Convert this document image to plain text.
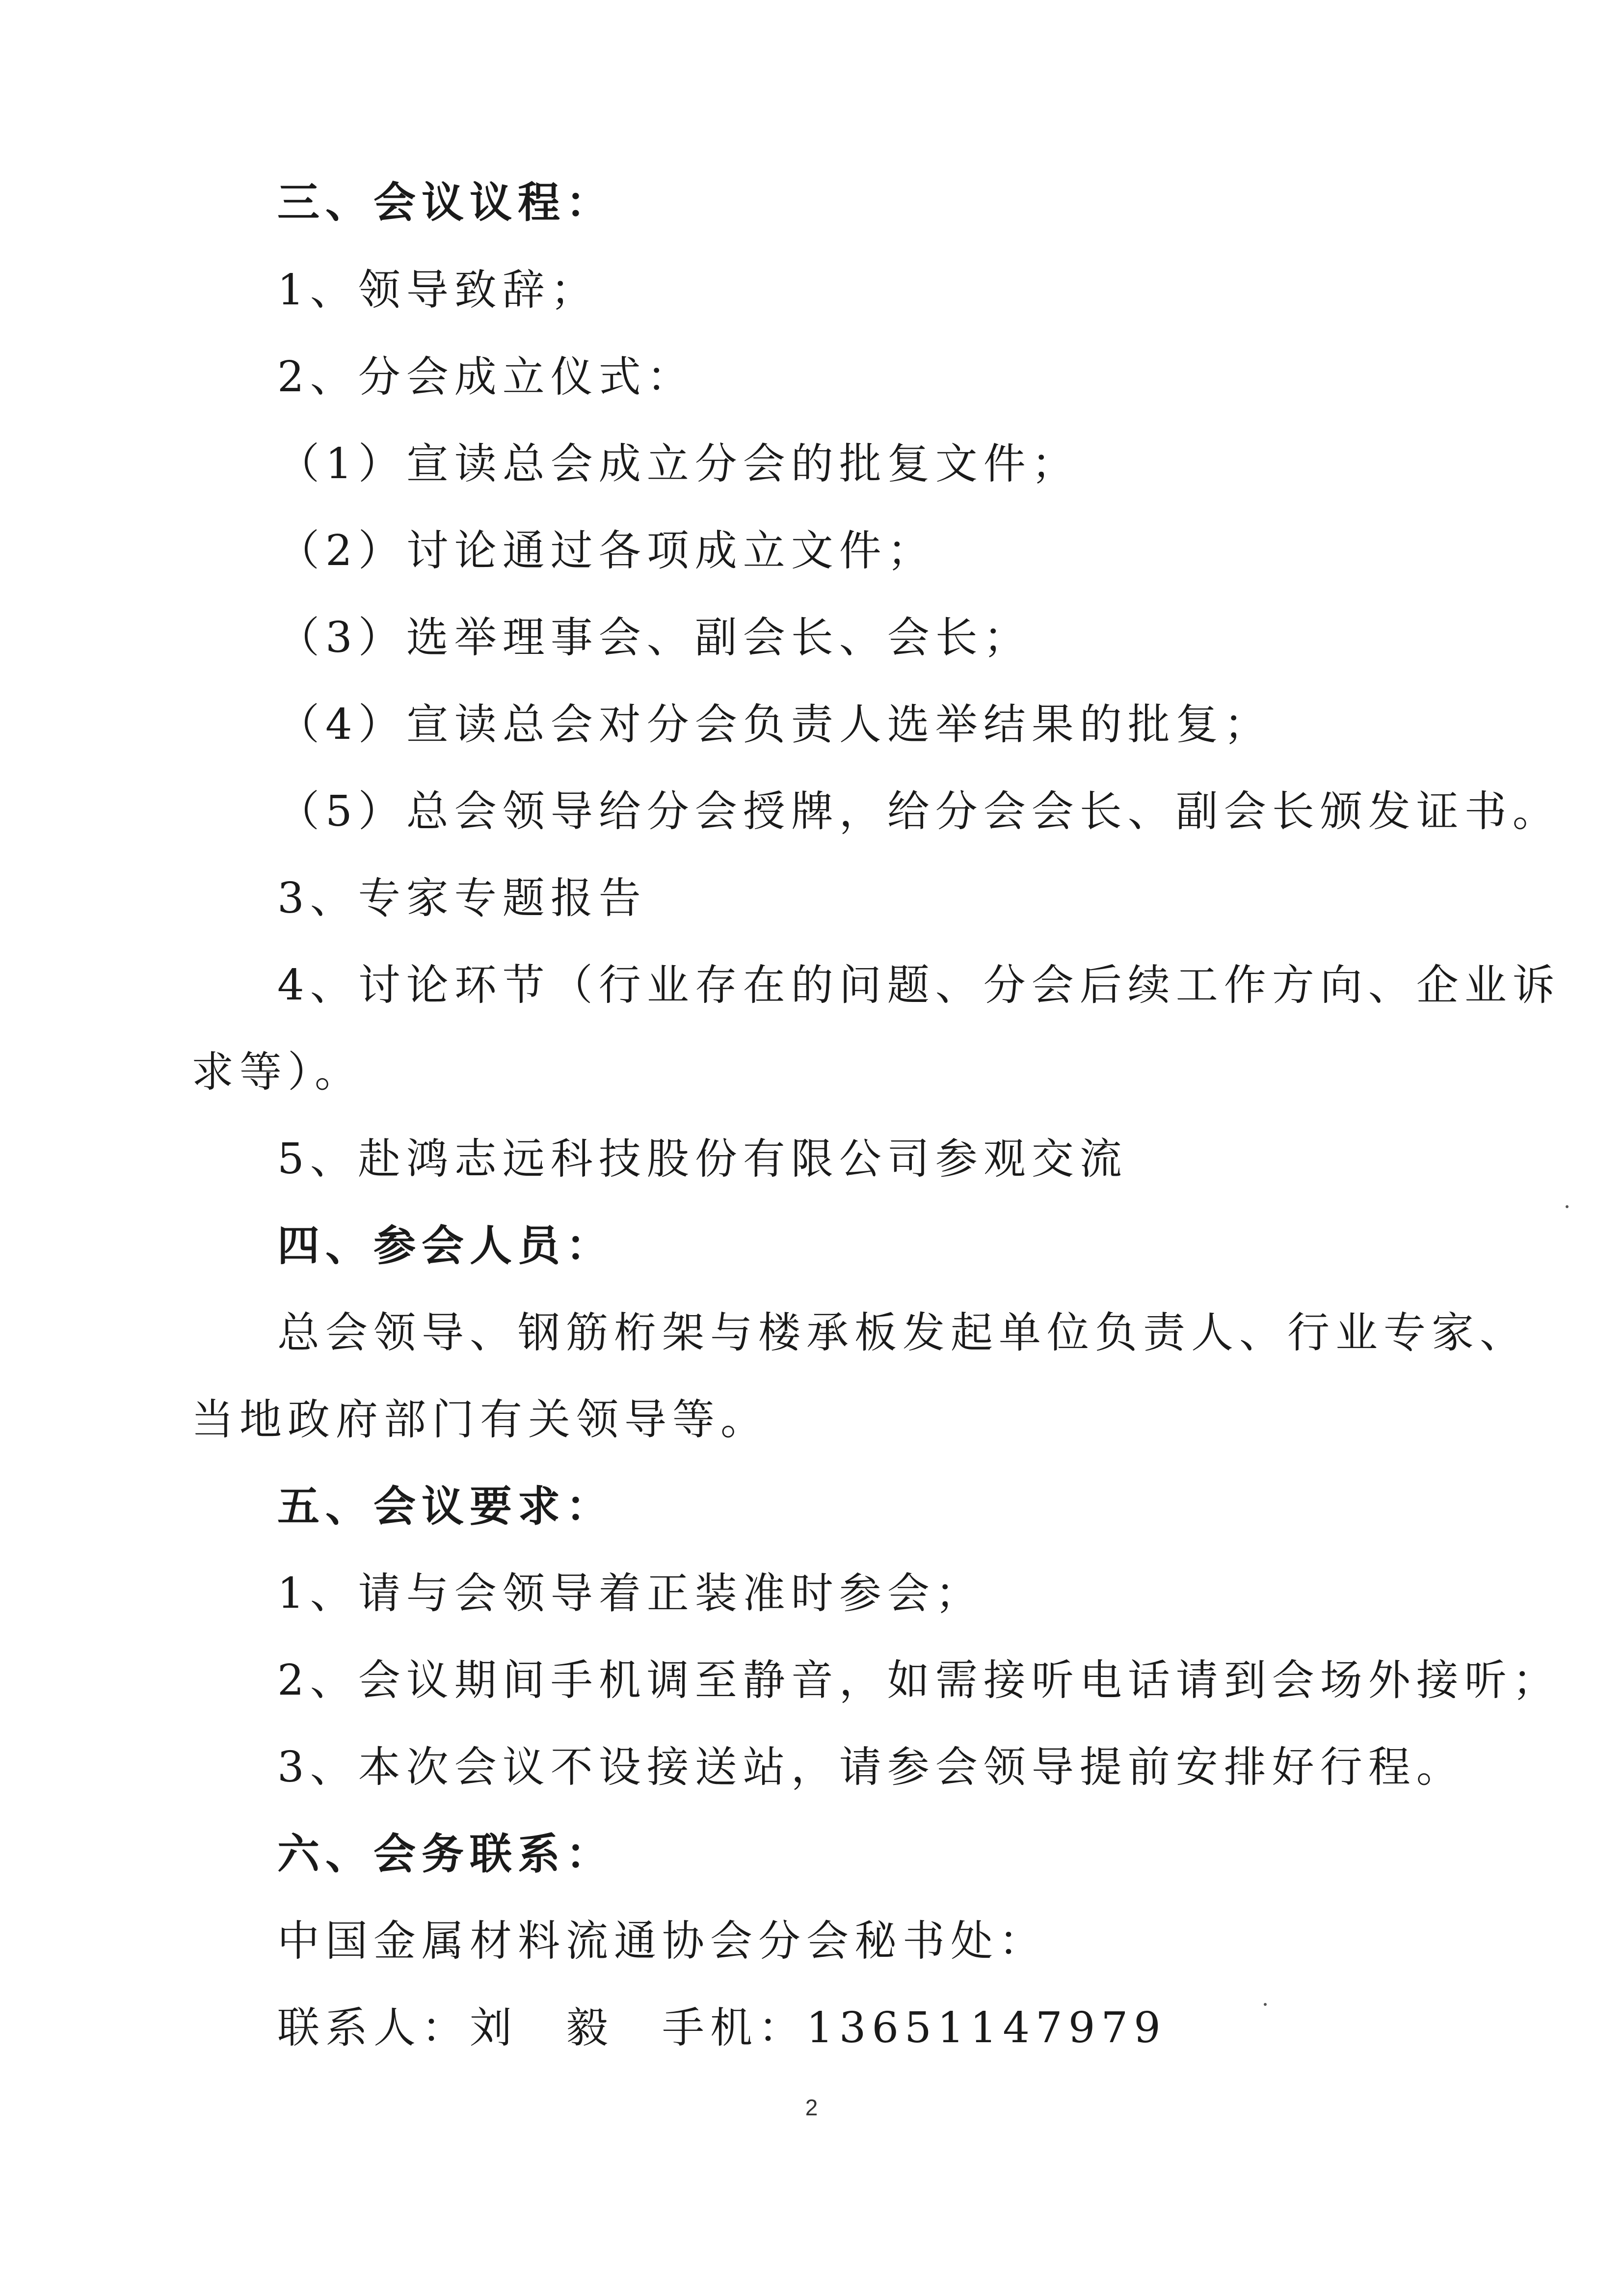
三、会议议程：
1、领导致辞；
2、分会成立仪式：
（1）宣读总会成立分会的批复文件；
（2）讨论通过各项成立文件；
（3）选举理事会、副会长、会长；
（4）宣读总会对分会负责人选举结果的批复；
（5）总会领导给分会授牌，给分会会长、副会长颁发证书。
3、专家专题报告
4、讨论环节（行业存在的问题、分会后续工作方向、企业诉
求等）。
5、赴鸿志远科技股份有限公司参观交流
四、参会人员：
总会领导、钢筋桁架与楼承板发起单位负责人、行业专家、
当地政府部门有关领导等。
五、会议要求：
1、请与会领导着正装准时参会；
2、会议期间手机调至静音，如需接听电话请到会场外接听；
3、本次会议不设接送站，请参会领导提前安排好行程。
六、会务联系：
中国金属材料流通协会分会秘书处：
联系人：刘　毅　手机：13651147979
2
